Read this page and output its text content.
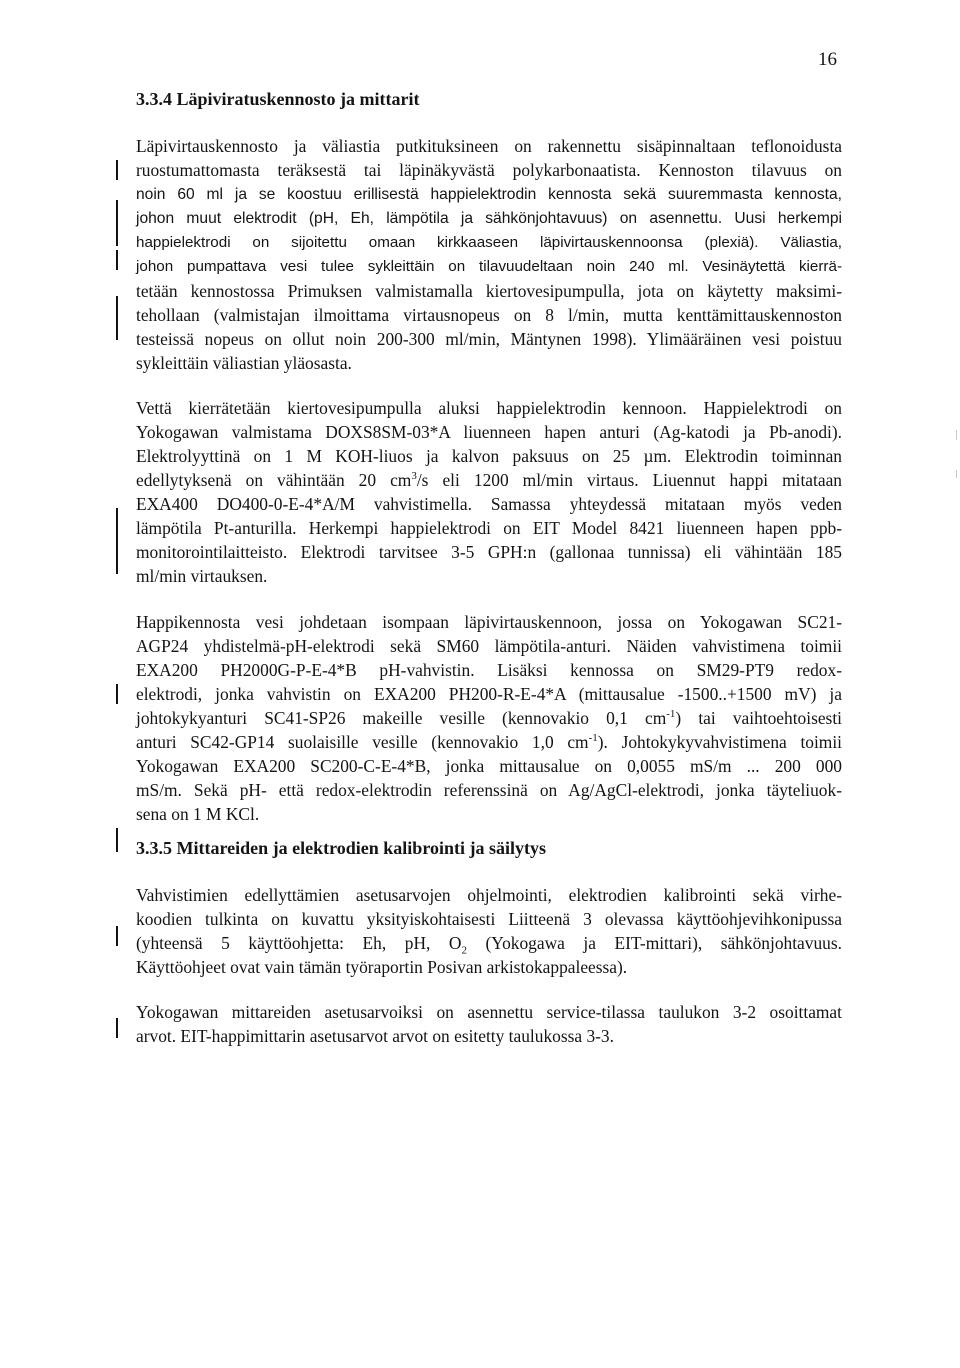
16
3.3.4 Läpiviratuskennosto ja mittarit
Läpivirtauskennosto ja väliastia putkituksineen on rakennettu sisäpinnaltaan teflonoidusta
ruostumattomasta teräksestä tai läpinäkyvästä polykarbonaatista. Kennoston tilavuus on
noin 60 ml ja se koostuu erillisestä happielektrodin kennosta sekä suuremmasta kennosta,
johon muut elektrodit (pH, Eh, lämpötila ja sähkönjohtavuus) on asennettu. Uusi herkempi
happielektrodi on sijoitettu omaan kirkkaaseen läpivirtauskennoonsa (plexiä). Väliastia,
johon pumpattava vesi tulee sykleittäin on tilavuudeltaan noin 240 ml. Vesinäytettä kierrä-
tetään kennostossa Primuksen valmistamalla kiertovesipumpulla, jota on käytetty maksimi-
tehollaan (valmistajan ilmoittama virtausnopeus on 8 l/min, mutta kenttämittauskennoston
testeissä nopeus on ollut noin 200-300 ml/min, Mäntynen 1998). Ylimääräinen vesi poistuu
sykleittäin väliastian yläosasta.
Vettä kierrätetään kiertovesipumpulla aluksi happielektrodin kennoon. Happielektrodi on
Yokogawan valmistama DOXS8SM-03*A liuenneen hapen anturi (Ag-katodi ja Pb-anodi).
Elektrolyyttinä on 1 M KOH-liuos ja kalvon paksuus on 25 µm. Elektrodin toiminnan
edellytyksenä on vähintään 20 $cm^3/s$ eli 1200 ml/min virtaus. Liuennut happi mitataan
EXA400 DO400-0-E-4*A/M vahvistimella. Samassa yhteydessä mitataan myös veden
lämpötila Pt-anturilla. Herkempi happielektrodi on EIT Model 8421 liuenneen hapen ppb-
monitorointilaitteisto. Elektrodi tarvitsee 3-5 GPH:n (gallonaa tunnissa) eli vähintään 185
ml/min virtauksen.
Happikennosta vesi johdetaan isompaan läpivirtauskennoon, jossa on Yokogawan SC21-
AGP24 yhdistelmä-pH-elektrodi sekä SM60 lämpötila-anturi. Näiden vahvistimena toimii
EXA200 PH2000G-P-E-4*B pH-vahvistin. Lisäksi kennossa on SM29-PT9 redox-
elektrodi, jonka vahvistin on EXA200 PH200-R-E-4*A (mittausalue -1500..+1500 mV) ja
johtokykyanturi SC41-SP26 makeille vesille (kennovakio 0,1 $cm^{-1}$) tai vaihtoehtoisesti
anturi SC42-GP14 suolaisille vesille (kennovakio 1,0 $cm^{-1}$). Johtokykyvahvistimena toimii
Yokogawan EXA200 SC200-C-E-4*B, jonka mittausalue on 0,0055 mS/m ... 200 000
mS/m. Sekä pH- että redox-elektrodin referenssinä on Ag/AgCl-elektrodi, jonka täyteliuok-
sena on 1 M KCl.
3.3.5 Mittareiden ja elektrodien kalibrointi ja säilytys
Vahvistimien edellyttämien asetusarvojen ohjelmointi, elektrodien kalibrointi sekä virhe-
koodien tulkinta on kuvattu yksityiskohtaisesti Liitteenä 3 olevassa käyttöohjevihkonipussa
(yhteensä 5 käyttöohjetta: Eh, pH, $O_2$ (Yokogawa ja EIT-mittari), sähkönjohtavuus.
Käyttöohjeet ovat vain tämän työraportin Posivan arkistokappaleessa).
Yokogawan mittareiden asetusarvoiksi on asennettu service-tilassa taulukon 3-2 osoittamat
arvot. EIT-happimittarin asetusarvot arvot on esitetty taulukossa 3-3.
